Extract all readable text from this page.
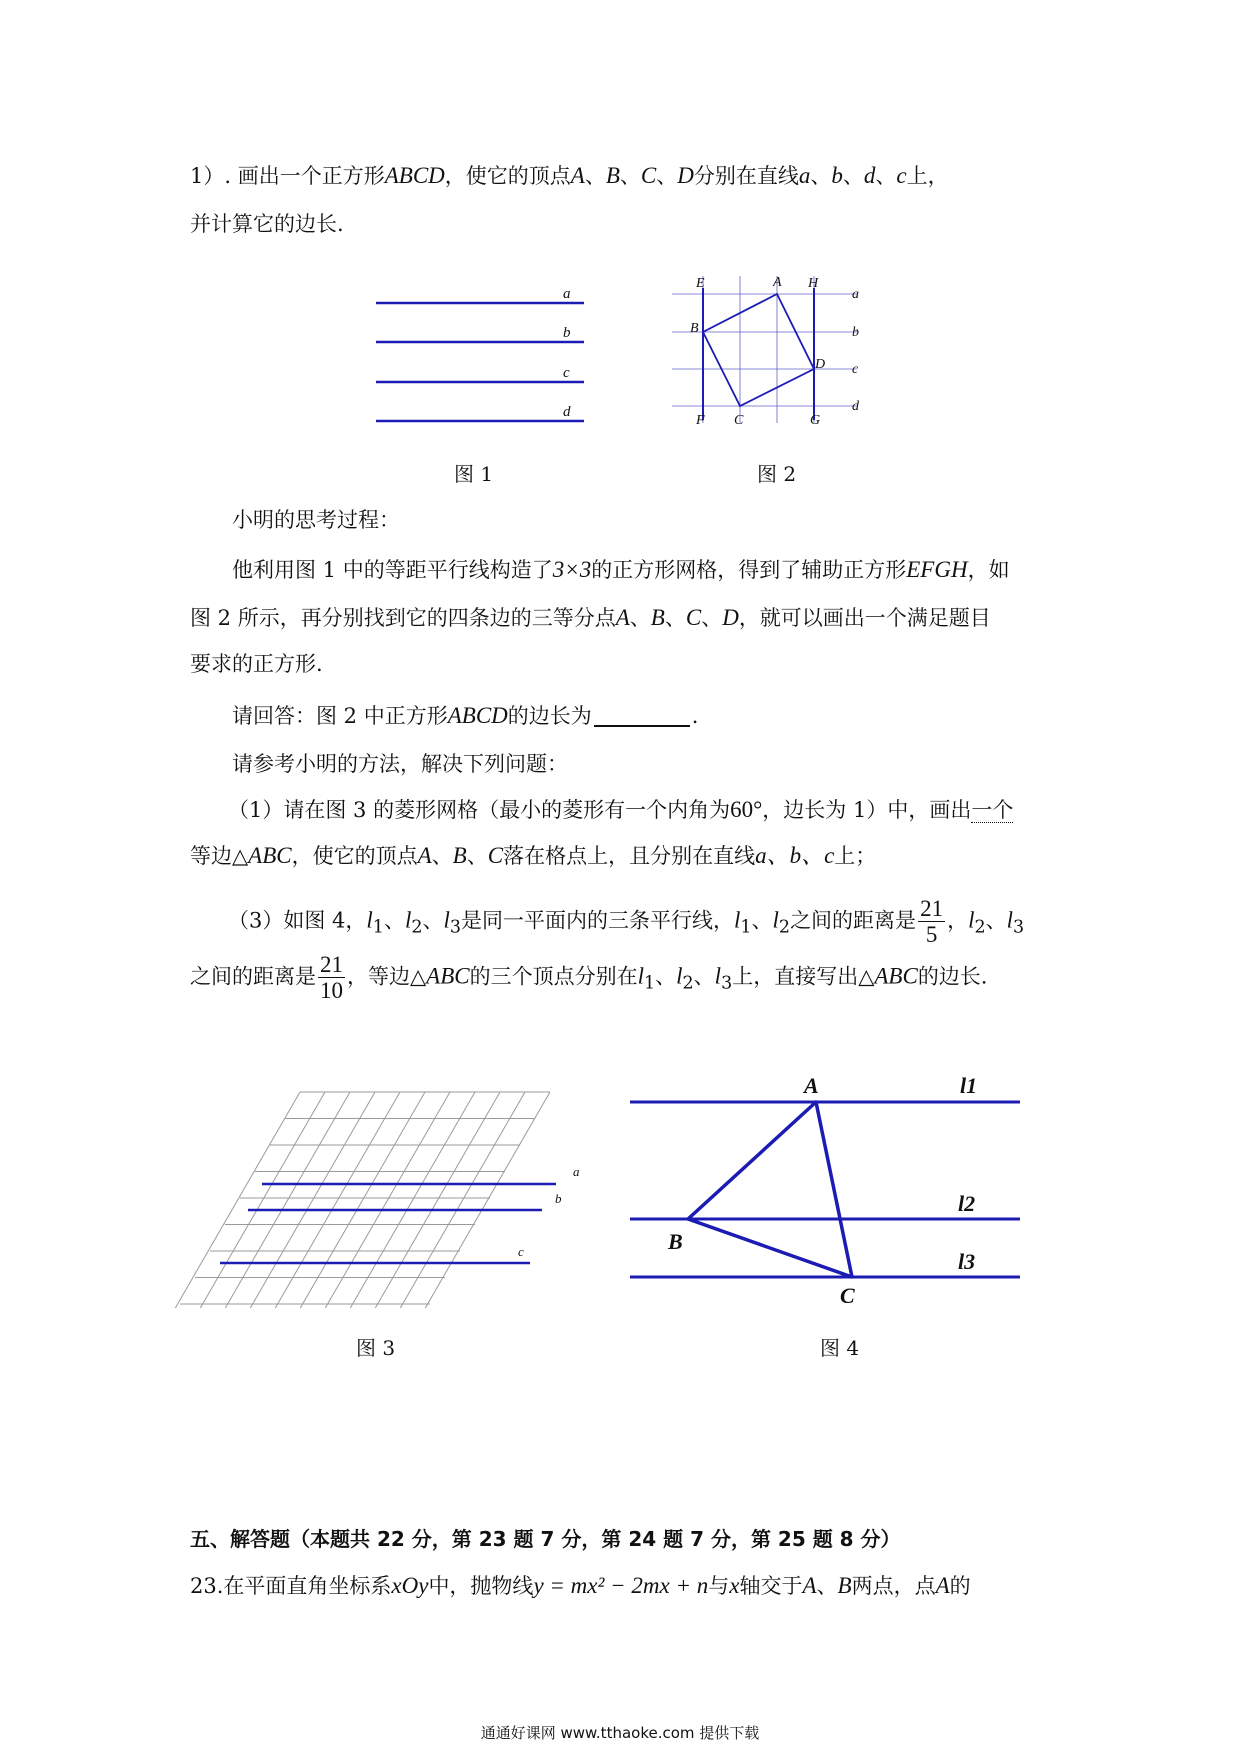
1）. 画出一个正方形ABCD，使它的顶点A、B、C、D分别在直线a、b、d、c上，
并计算它的边长.
a
b
c
d
图 1
E	A H
B
D
F C	G
a
b
c
d
图 2
小明的思考过程：
他利用图 1 中的等距平行线构造了3×3的正方形网格，得到了辅助正方形EFGH，如
图 2 所示，再分别找到它的四条边的三等分点A、B、C、D，就可以画出一个满足题目
要求的正方形.
请回答：图 2 中正方形ABCD的边长为	.
请参考小明的方法，解决下列问题：
（1）请在图 3 的菱形网格（最小的菱形有一个内角为60°，边长为 1）中，画出一个
等边△ABC，使它的顶点A、B、C落在格点上，且分别在直线a、b、c上；
（3）如图 4，$l_1$、$l_2$、$l_3$是同一平面内的三条平行线，$l_1$、$l_2$之间的距离是 $\frac{21}{5}$ ，$l_2$、$l_3$
之间的距离是 $\frac{21}{10}$ ，等边△ABC的三个顶点分别在$l_1$、$l_2$、$l_3$上，直接写出△ABC的边长.
a
b
c
图 3
A
B
C
l1
l2
l3
图 4
五、解答题（本题共 22 分，第 23 题 7 分，第 24 题 7 分，第 25 题 8 分）
23.在平面直角坐标系xOy中，抛物线y = mx² − 2mx + n与x轴交于A、B两点，点A的
通通好课网 www.tthaoke.com 提供下载
